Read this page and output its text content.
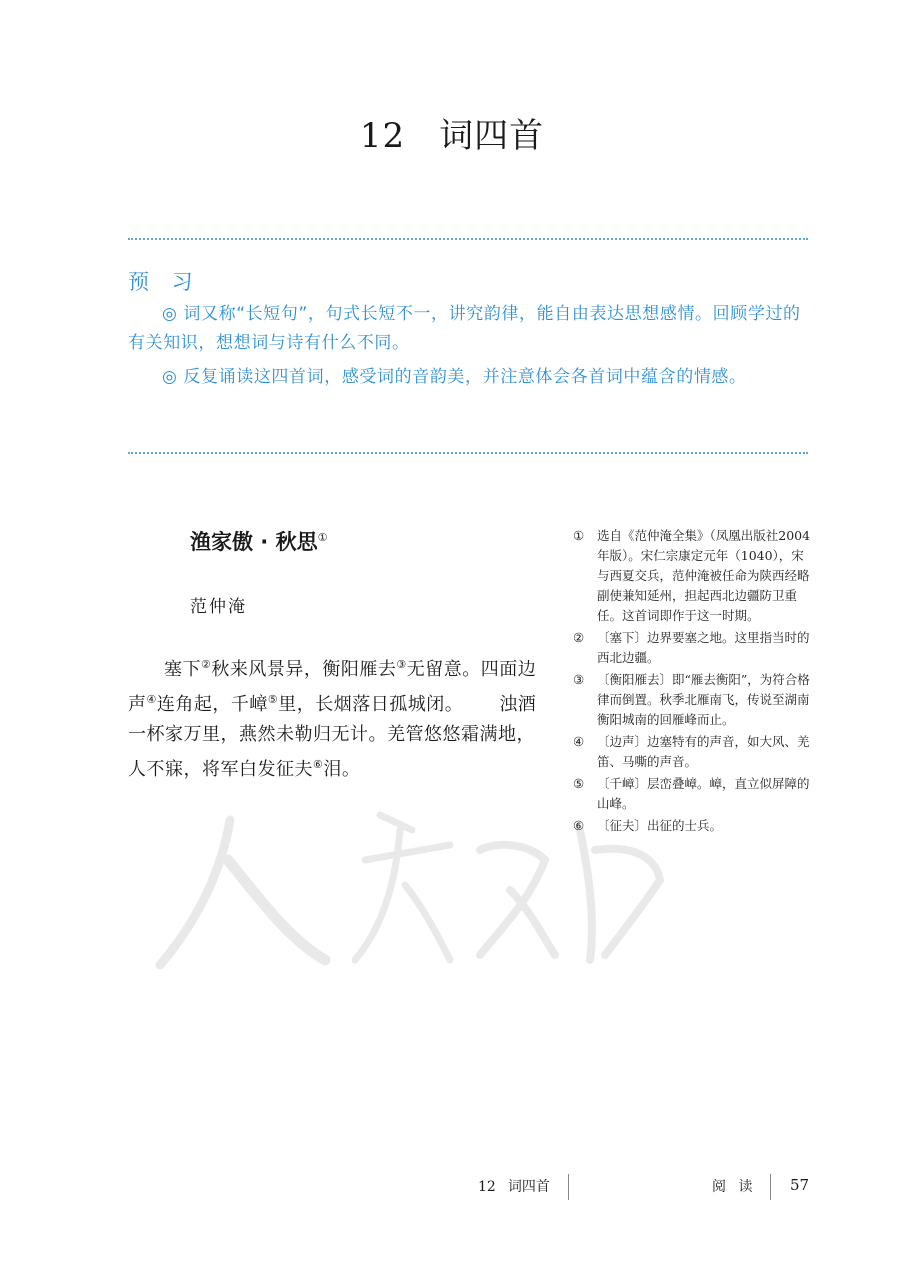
12 词四首
预 习
◎ 词又称“长短句”，句式长短不一，讲究韵律，能自由表达思想感情。回顾学过的有关知识，想想词与诗有什么不同。
◎ 反复诵读这四首词，感受词的音韵美，并注意体会各首词中蕴含的情感。
渔家傲 · 秋思①
范仲淹
塞下②秋来风景异，衡阳雁去③无留意。四面边声④连角起，千嶂⑤里，长烟落日孤城闭。 浊酒一杯家万里，燕然未勒归无计。羌管悠悠霜满地，人不寐，将军白发征夫⑥泪。
①	选自《范仲淹全集》（凤凰出版社2004年版）。宋仁宗康定元年（1040），宋与西夏交兵，范仲淹被任命为陕西经略副使兼知延州，担起西北边疆防卫重任。这首词即作于这一时期。
②	〔塞下〕边界要塞之地。这里指当时的西北边疆。
③	〔衡阳雁去〕即“雁去衡阳”，为符合格律而倒置。秋季北雁南飞，传说至湖南衡阳城南的回雁峰而止。
④	〔边声〕边塞特有的声音，如大风、羌笛、马嘶的声音。
⑤	〔千嶂〕层峦叠嶂。嶂，直立似屏障的山峰。
⑥	〔征夫〕出征的士兵。
12 词四首	阅 读 57
